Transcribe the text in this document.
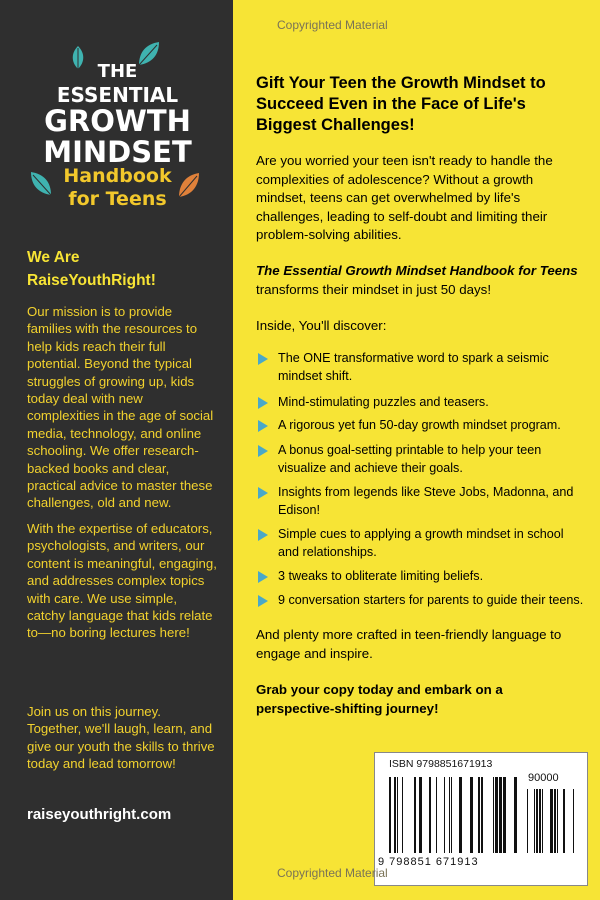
THE
ESSENTIAL
GROWTH
MINDSET
Handbook
for Teens
We Are
RaiseYouthRight!

Our mission is to provide families with the resources to help kids reach their full potential. Beyond the typical struggles of growing up, kids today deal with new complexities in the age of social media, technology, and online schooling. We offer research-backed books and clear, practical advice to master these challenges, old and new.

With the expertise of educators, psychologists, and writers, our content is meaningful, engaging, and addresses complex topics with care. We use simple, catchy language that kids relate to—no boring lectures here!

Join us on this journey. Together, we'll laugh, learn, and give our youth the skills to thrive today and lead tomorrow!

raiseyouthright.com
Copyrighted Material
Gift Your Teen the Growth Mindset to Succeed Even in the Face of Life's Biggest Challenges!

Are you worried your teen isn't ready to handle the complexities of adolescence? Without a growth mindset, teens can get overwhelmed by life's challenges, leading to self-doubt and limiting their problem-solving abilities.

The Essential Growth Mindset Handbook for Teens transforms their mindset in just 50 days!

Inside, You'll discover:

The ONE transformative word to spark a seismic mindset shift.
Mind-stimulating puzzles and teasers.
A rigorous yet fun 50-day growth mindset program.
A bonus goal-setting printable to help your teen visualize and achieve their goals.
Insights from legends like Steve Jobs, Madonna, and Edison!
Simple cues to applying a growth mindset in school and relationships.
3 tweaks to obliterate limiting beliefs.
9 conversation starters for parents to guide their teens.

And plenty more crafted in teen-friendly language to engage and inspire.

Grab your copy today and embark on a perspective-shifting journey!

ISBN 9798851671913
90000
9 798851 671913
Copyrighted Material
